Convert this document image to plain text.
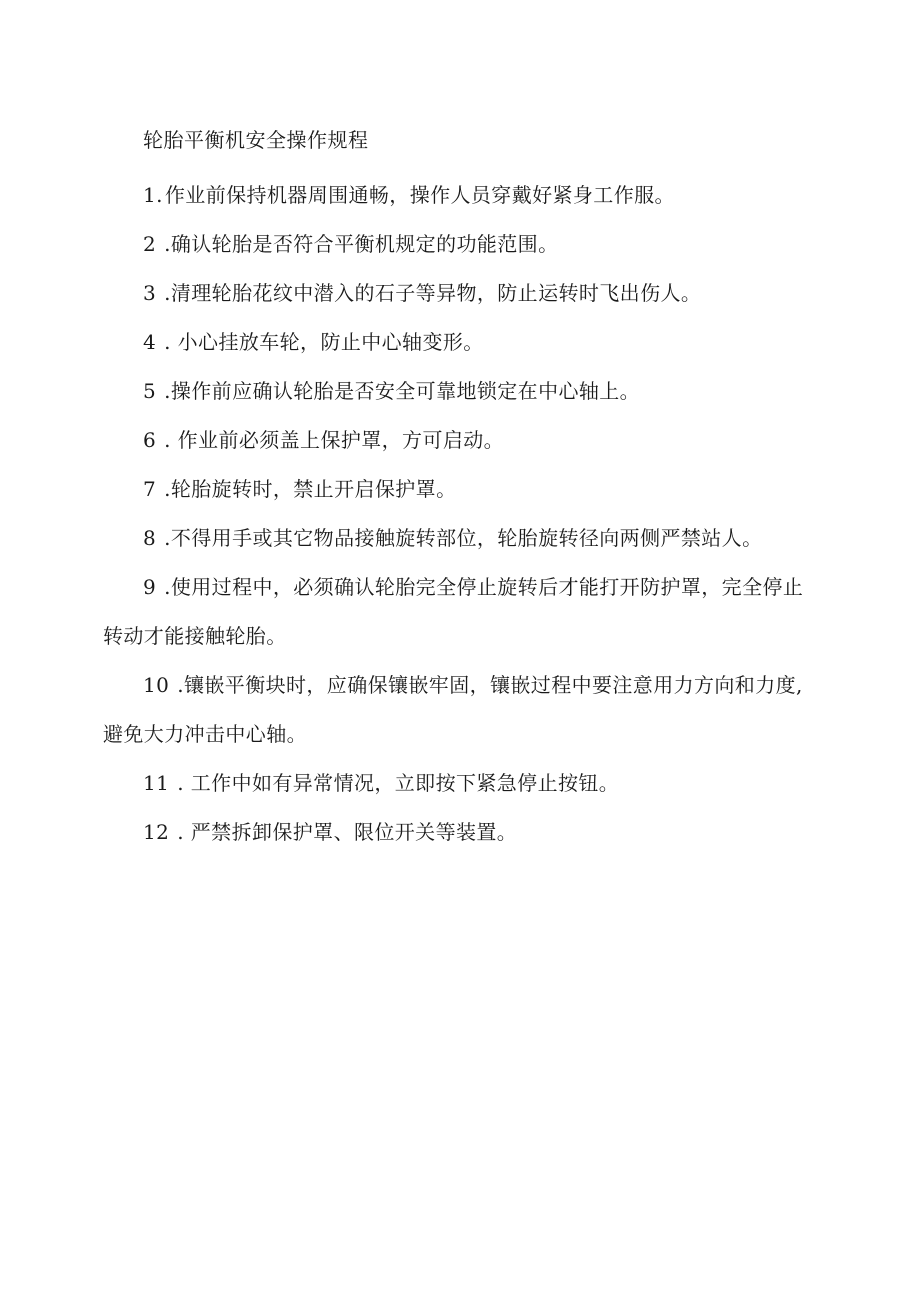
轮胎平衡机安全操作规程
1. 作业前保持机器周围通畅，操作人员穿戴好紧身工作服。
2 .确认轮胎是否符合平衡机规定的功能范围。
3 .清理轮胎花纹中潜入的石子等异物，防止运转时飞出伤人。
4 . 小心挂放车轮，防止中心轴变形。
5 .操作前应确认轮胎是否安全可靠地锁定在中心轴上。
6 . 作业前必须盖上保护罩，方可启动。
7 .轮胎旋转时，禁止开启保护罩。
8 .不得用手或其它物品接触旋转部位，轮胎旋转径向两侧严禁站人。
9 .使用过程中，必须确认轮胎完全停止旋转后才能打开防护罩，完全停止转动才能接触轮胎。
10 .镶嵌平衡块时，应确保镶嵌牢固，镶嵌过程中要注意用力方向和力度,避免大力冲击中心轴。
11 . 工作中如有异常情况，立即按下紧急停止按钮。
12 . 严禁拆卸保护罩、限位开关等装置。
